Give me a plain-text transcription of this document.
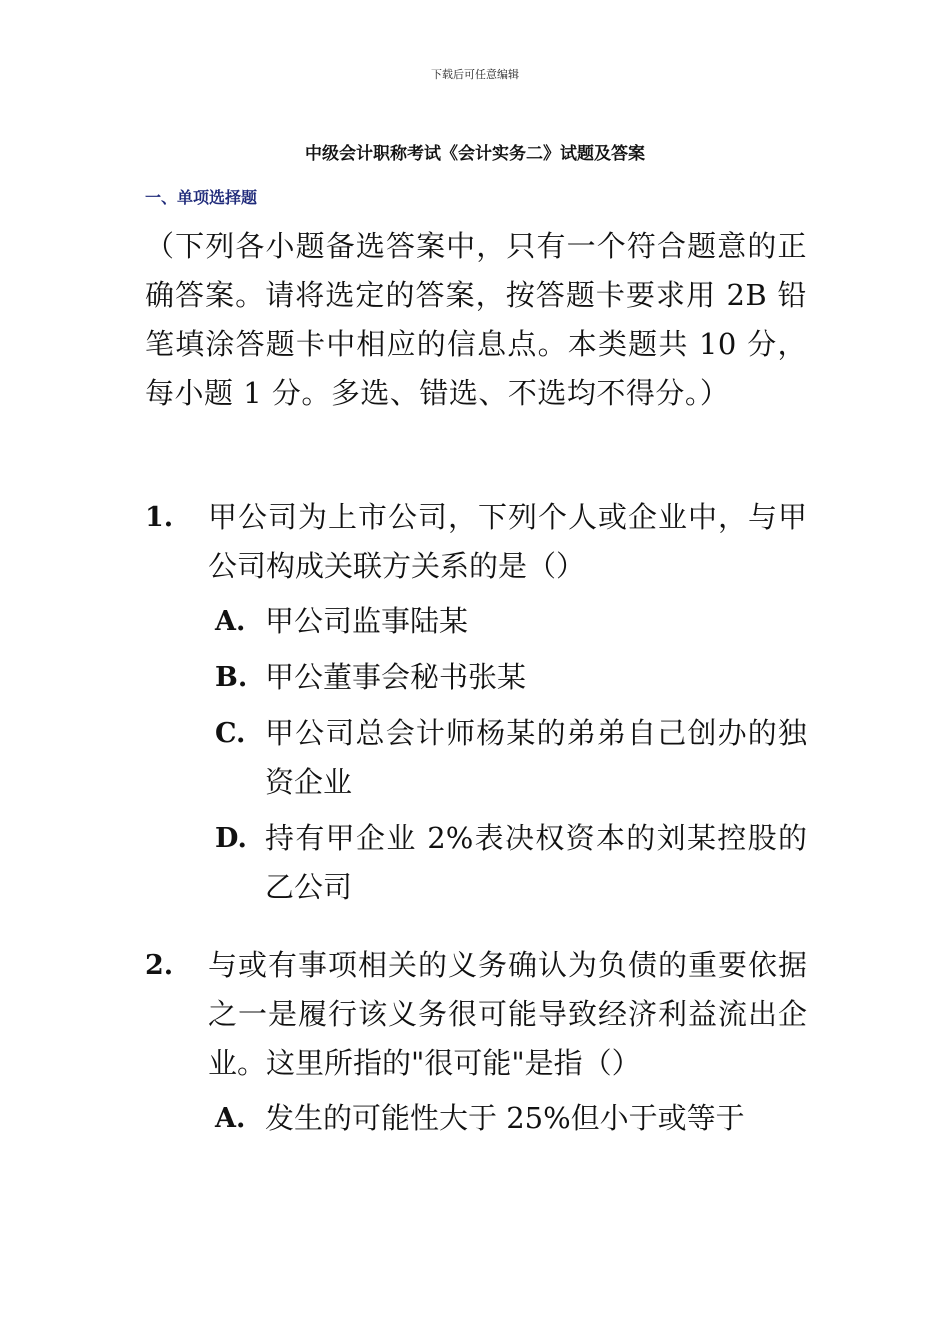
下载后可任意编辑
中级会计职称考试《会计实务二》试题及答案
一、单项选择题
（下列各小题备选答案中，只有一个符合题意的正确答案。请将选定的答案，按答题卡要求用 2B 铅笔填涂答题卡中相应的信息点。本类题共 10 分，每小题 1 分。多选、错选、不选均不得分。）
1. 甲公司为上市公司，下列个人或企业中，与甲公司构成关联方关系的是（）
A. 甲公司监事陆某
B. 甲公董事会秘书张某
C. 甲公司总会计师杨某的弟弟自己创办的独资企业
D. 持有甲企业 2%表决权资本的刘某控股的乙公司
2. 与或有事项相关的义务确认为负债的重要依据之一是履行该义务很可能导致经济利益流出企业。这里所指的"很可能"是指（）
A. 发生的可能性大于 25%但小于或等于
